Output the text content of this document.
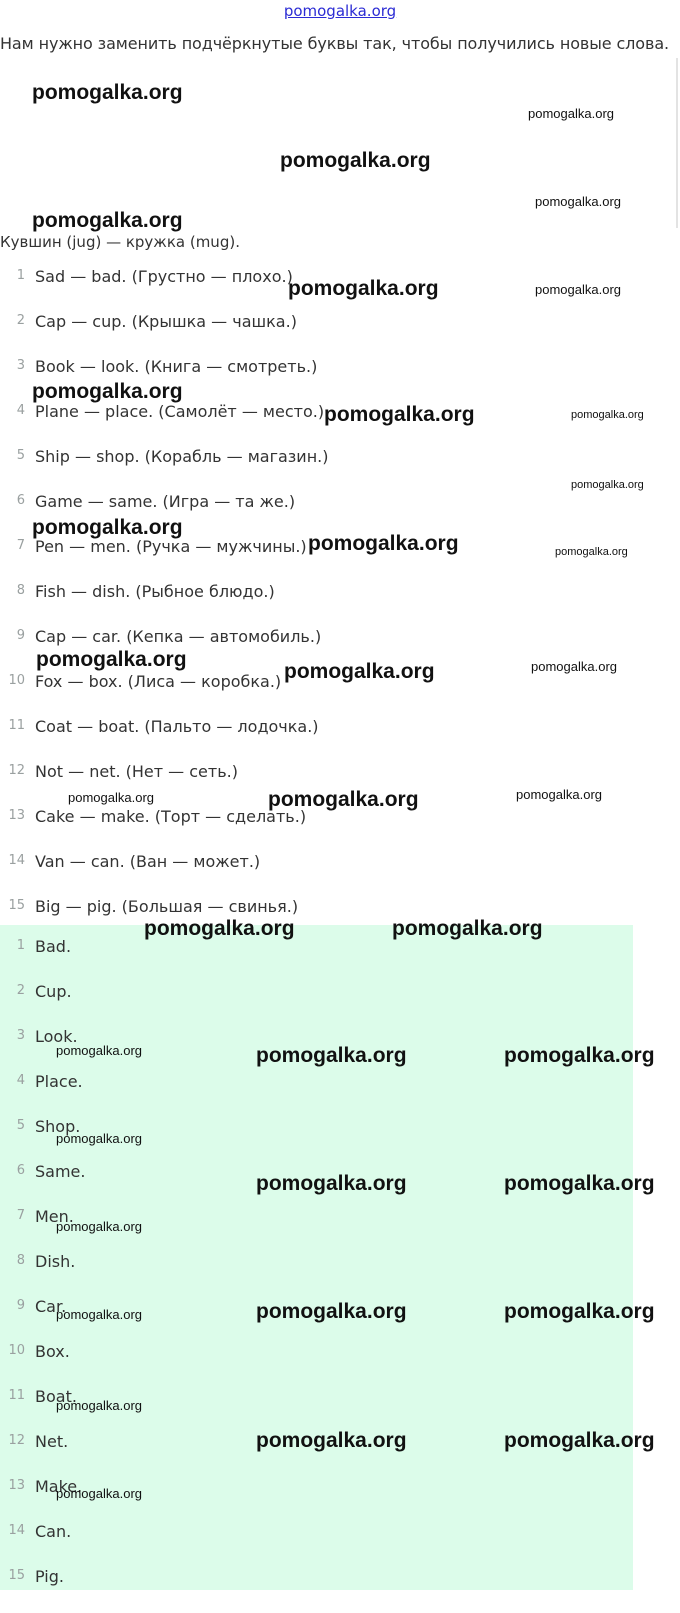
pomogalka.org
Нам нужно заменить подчёркнутые буквы так, чтобы получились новые слова.
Кувшин (jug) — кружка (mug).
1 Sad — bad. (Грустно — плохо.)
2 Cap — cup. (Крышка — чашка.)
3 Book — look. (Книга — смотреть.)
4 Plane — place. (Самолёт — место.)
5 Ship — shop. (Корабль — магазин.)
6 Game — same. (Игра — та же.)
7 Pen — men. (Ручка — мужчины.)
8 Fish — dish. (Рыбное блюдо.)
9 Cap — car. (Кепка — автомобиль.)
10 Fox — box. (Лиса — коробка.)
11 Coat — boat. (Пальто — лодочка.)
12 Not — net. (Нет — сеть.)
13 Cake — make. (Торт — сделать.)
14 Van — can. (Ван — может.)
15 Big — pig. (Большая — свинья.)
1 Bad.
2 Cup.
3 Look.
4 Place.
5 Shop.
6 Same.
7 Men.
8 Dish.
9 Car.
10 Box.
11 Boat.
12 Net.
13 Make.
14 Can.
15 Pig.
pomogalka.org
pomogalka.org
pomogalka.org
pomogalka.org
pomogalka.org
pomogalka.org	pomogalka.org
pomogalka.org
pomogalka.org	pomogalka.org
pomogalka.org
pomogalka.org
pomogalka.org	pomogalka.org
pomogalka.org
pomogalka.org	pomogalka.org
pomogalka.org	pomogalka.org	pomogalka.org
pomogalka.org	pomogalka.org
pomogalka.org	pomogalka.org	pomogalka.org
pomogalka.org
pomogalka.org	pomogalka.org
pomogalka.org
pomogalka.org	pomogalka.org	pomogalka.org
pomogalka.org
pomogalka.org	pomogalka.org
pomogalka.org
